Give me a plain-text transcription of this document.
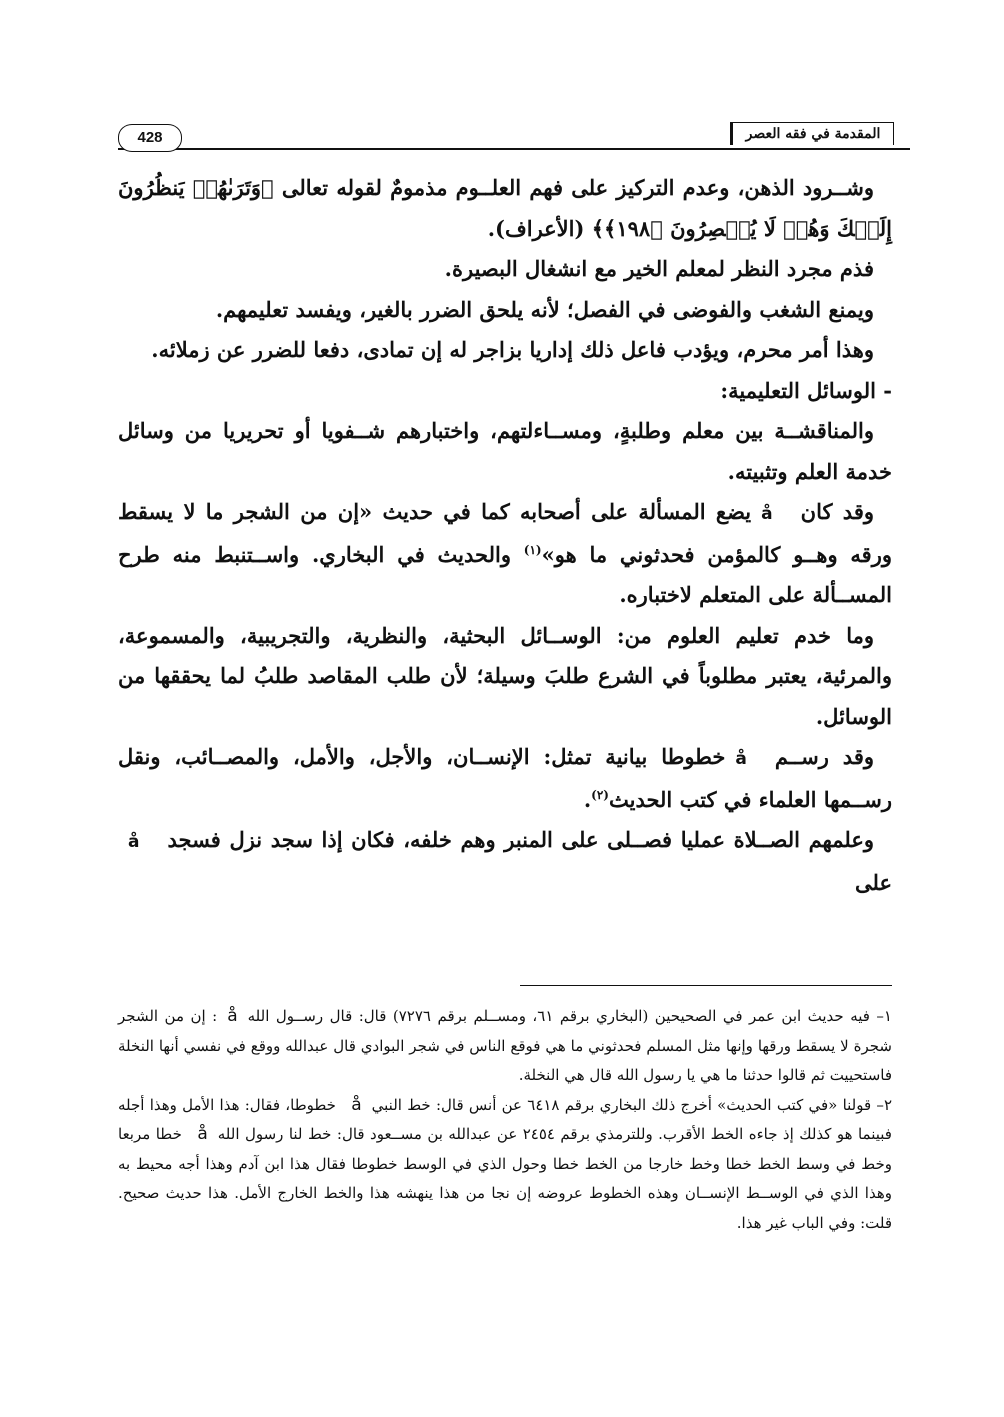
المقدمة في فقه العصر
428

وشــرود الذهن، وعدم التركيز على فهم العلــوم مذمومٌ لقوله تعالى ﴿وَتَرَىٰهُمۡ يَنظُرُونَ إِلَيۡكَ وَهُمۡ لَا يُبۡصِرُونَ ﴿١٩٨﴾﴾ (الأعراف).

فذم مجرد النظر لمعلم الخير مع انشغال البصيرة.

ويمنع الشغب والفوضى في الفصل؛ لأنه يلحق الضرر بالغير، ويفسد تعليمهم.

وهذا أمر محرم، ويؤدب فاعل ذلك إداريا بزاجر له إن تمادى، دفعا للضرر عن زملائه.

- الوسائل التعليمية:

والمناقشــة بين معلم وطلبةٍ، ومســاءلتهم، واختبارهم شــفويا أو تحريريا من وسائل خدمة العلم وتثبيته.

وقد كانåيضع المسألة على أصحابه كما في حديث «إن من الشجر ما لا يسقط ورقه وهــو كالمؤمن فحدثوني ما هو»$^{(١)}$ والحديث في البخاري. واســتنبط منه طرح المســألة على المتعلم لاختباره.

وما خدم تعليم العلوم من: الوســائل البحثية، والنظرية، والتجريبية، والمسموعة، والمرئية، يعتبر مطلوباً في الشرع طلبَ وسيلة؛ لأن طلب المقاصد طلبُ لما يحققها من الوسائل.

وقد رســمåخطوطا بيانية تمثل: الإنســان، والأجل، والأمل، والمصــائب، ونقل رســمها العلماء في كتب الحديث$^{(٢)}$.

وعلمهم الصــلاة عمليا فصــلى على المنبر وهم خلفه، فكان إذا سجد نزل فسجدåعلى

١– فيه حديث ابن عمر في الصحيحين (البخاري برقم ٦١، ومســلم برقم ٧٢٧٦) قال: قال رســول اللهå: إن من الشجر شجرة لا يسقط ورقها وإنها مثل المسلم فحدثوني ما هي فوقع الناس في شجر البوادي قال عبدالله ووقع في نفسي أنها النخلة فاستحييت ثم قالوا حدثنا ما هي يا رسول الله قال هي النخلة.

٢– قولنا «في كتب الحديث» أخرج ذلك البخاري برقم ٦٤١٨ عن أنس قال: خط النبيå خطوطا، فقال: هذا الأمل وهذا أجله فبينما هو كذلك إذ جاءه الخط الأقرب. وللترمذي برقم ٢٤٥٤ عن عبدالله بن مســعود قال: خط لنا رسول اللهå خطا مربعا وخط في وسط الخط خطا وخط خارجا من الخط خطا وحول الذي في الوسط خطوطا فقال هذا ابن آدم وهذا أجه محيط به وهذا الذي في الوســط الإنســان وهذه الخطوط عروضه إن نجا من هذا ينهشه هذا والخط الخارج الأمل. هذا حديث صحيح. قلت: وفي الباب غير هذا.
